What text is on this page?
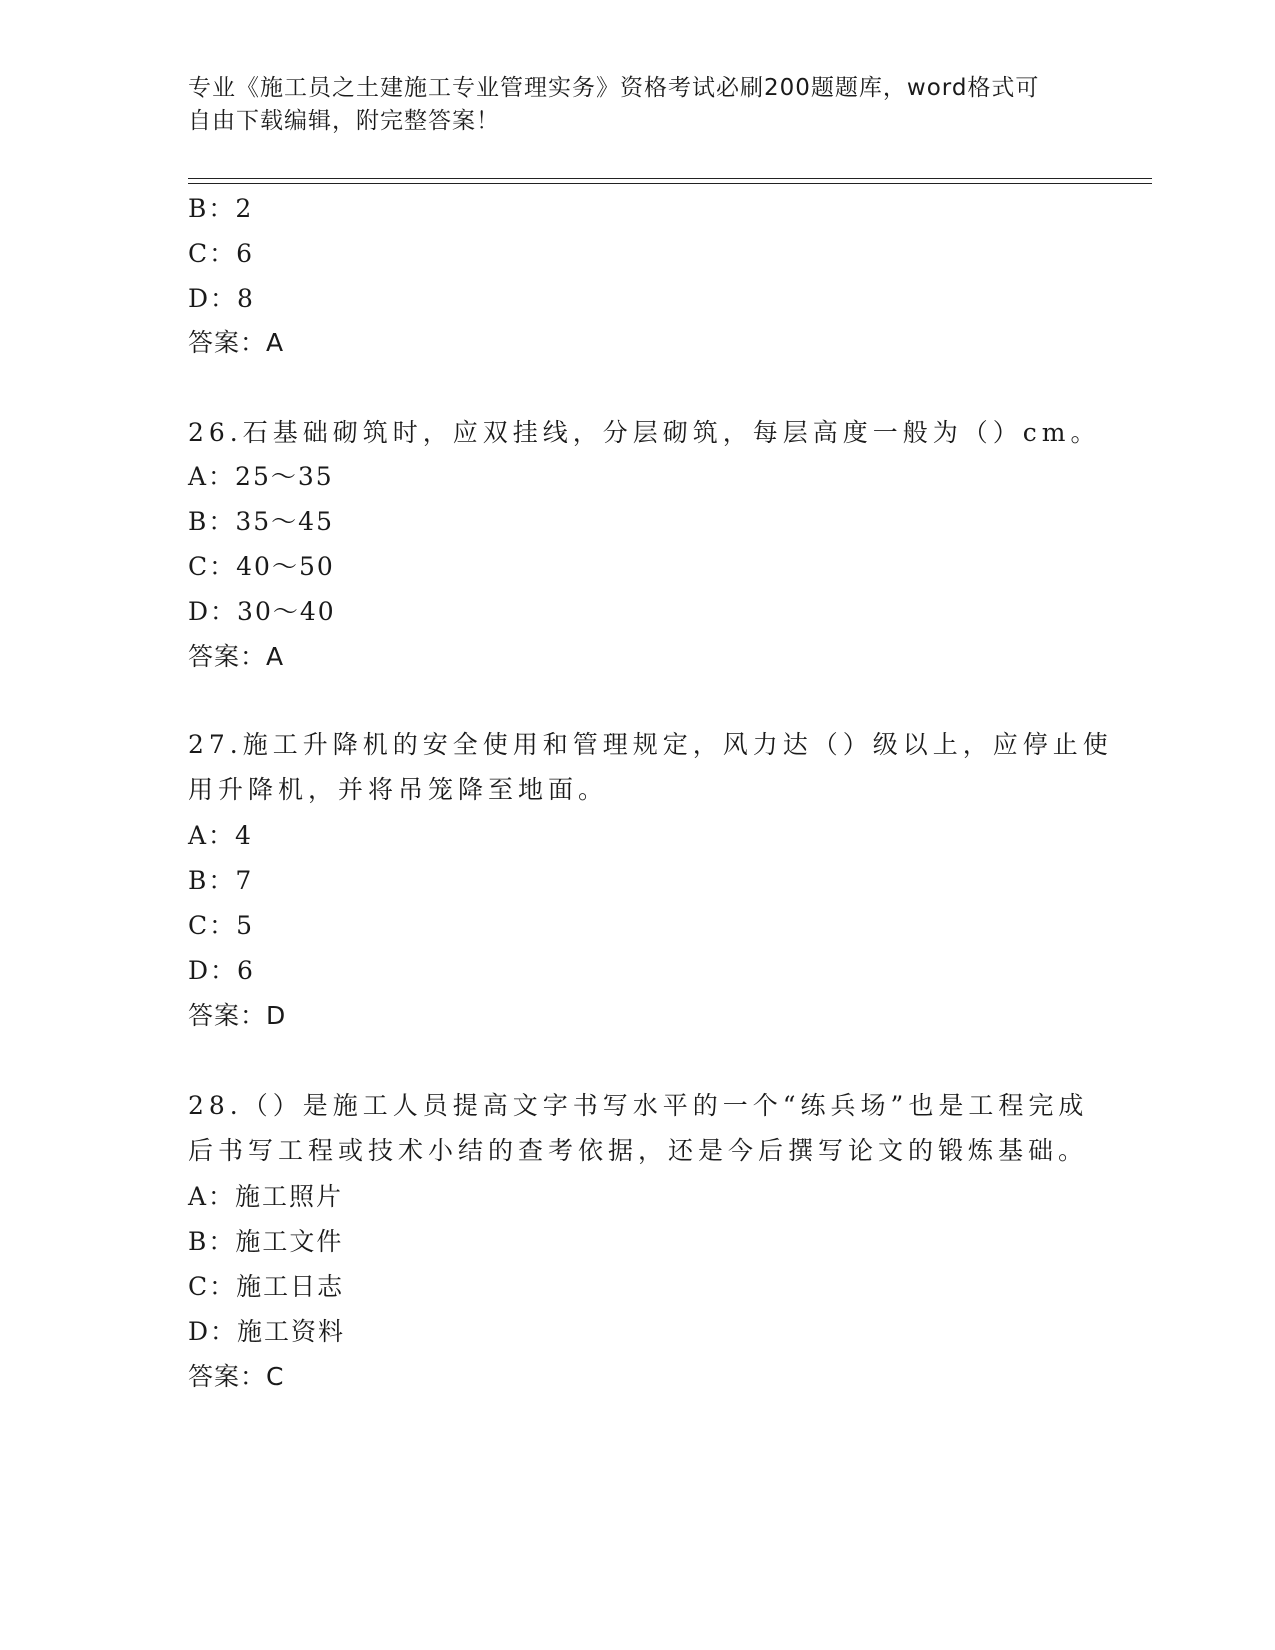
专业《施工员之土建施工专业管理实务》资格考试必刷200题题库，word格式可
自由下载编辑，附完整答案！
B：2
C：6
D：8
答案：A
26.石基础砌筑时，应双挂线，分层砌筑，每层高度一般为（）cm。
A：25～35
B：35～45
C：40～50
D：30～40
答案：A
27.施工升降机的安全使用和管理规定，风力达（）级以上，应停止使
用升降机，并将吊笼降至地面。
A：4
B：7
C：5
D：6
答案：D
28.（）是施工人员提高文字书写水平的一个“练兵场”也是工程完成
后书写工程或技术小结的查考依据，还是今后撰写论文的锻炼基础。
A：施工照片
B：施工文件
C：施工日志
D：施工资料
答案：C
